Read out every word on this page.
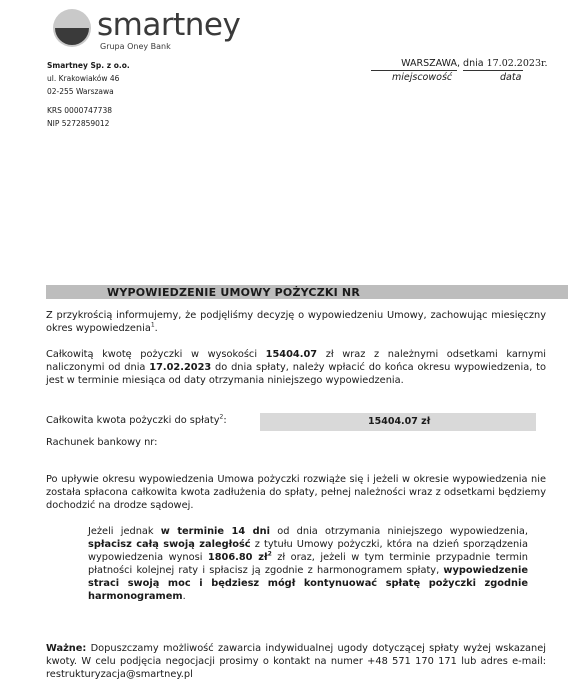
smartney
Grupa Oney Bank
Smartney Sp. z o.o.
ul. Krakowiaków 46
02-255 Warszawa
KRS 0000747738
NIP 5272859012
WARSZAWA, dnia 17.02.2023r.
miejscowość	data
WYPOWIEDZENIE UMOWY POŻYCZKI NR

Z przykrością informujemy, że podjęliśmy decyzję o wypowiedzeniu Umowy, zachowując miesięczny okres wypowiedzenia$^1$.

Całkowitą kwotę pożyczki w wysokości 15404.07 zł wraz z należnymi odsetkami karnymi naliczonymi od dnia 17.02.2023 do dnia spłaty, należy wpłacić do końca okresu wypowiedzenia, to jest w terminie miesiąca od daty otrzymania niniejszego wypowiedzenia.

Całkowita kwota pożyczki do spłaty$^2$:	15404.07 zł
Rachunek bankowy nr:

Po upływie okresu wypowiedzenia Umowa pożyczki rozwiąże się i jeżeli w okresie wypowiedzenia nie została spłacona całkowita kwota zadłużenia do spłaty, pełnej należności wraz z odsetkami będziemy dochodzić na drodze sądowej.

Jeżeli jednak w terminie 14 dni od dnia otrzymania niniejszego wypowiedzenia, spłacisz całą swoją zaległość z tytułu Umowy pożyczki, która na dzień sporządzenia wypowiedzenia wynosi 1806.80 $zł^2$ zł oraz, jeżeli w tym terminie przypadnie termin płatności kolejnej raty i spłacisz ją zgodnie z harmonogramem spłaty, wypowiedzenie straci swoją moc i będziesz mógł kontynuować spłatę pożyczki zgodnie harmonogramem.

Ważne: Dopuszczamy możliwość zawarcia indywidualnej ugody dotyczącej spłaty wyżej wskazanej kwoty. W celu podjęcia negocjacji prosimy o kontakt na numer +48 571 170 171 lub adres e-mail: restrukturyzacja@smartney.pl
